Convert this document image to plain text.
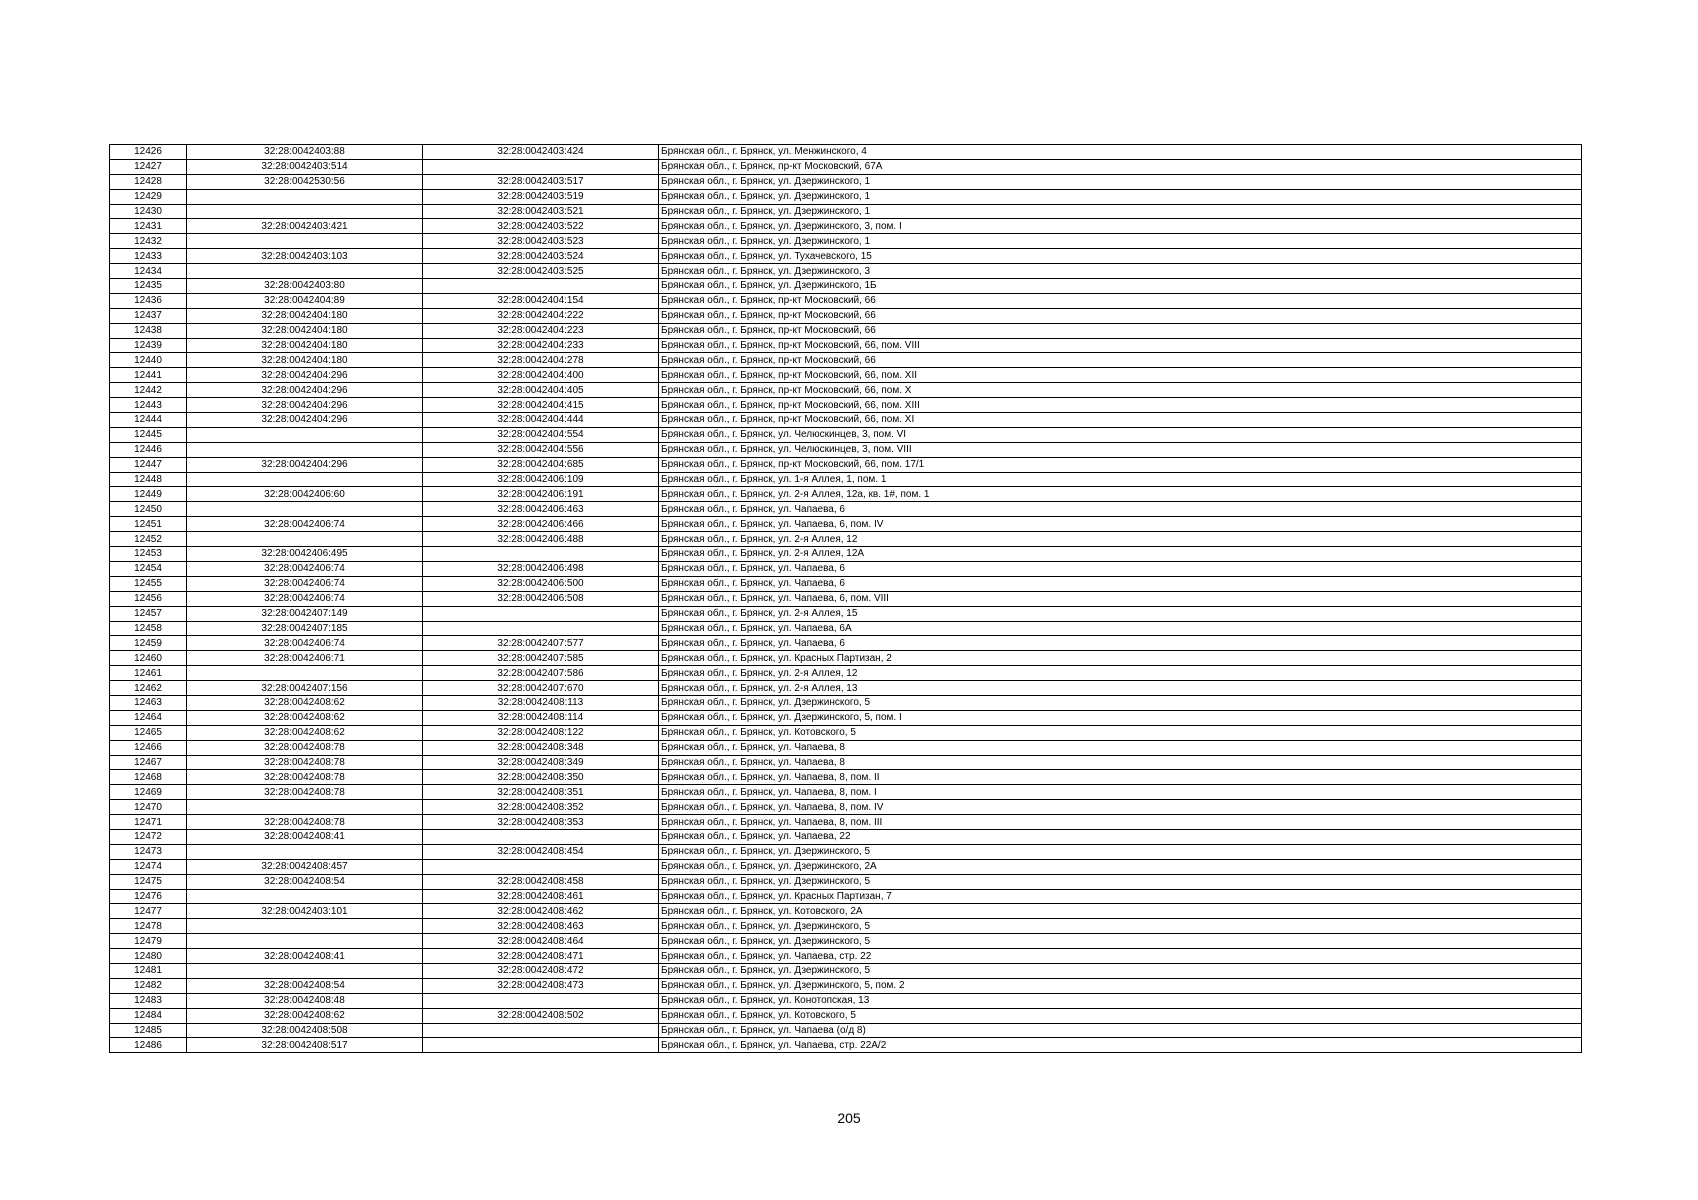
12426	32:28:0042403:88	32:28:0042403:424	Брянская обл., г. Брянск, ул. Менжинского, 4
12427	32:28:0042403:514		Брянская обл., г. Брянск, пр-кт Московский, 67А
12428	32:28:0042530:56	32:28:0042403:517	Брянская обл., г. Брянск, ул. Дзержинского, 1
12429		32:28:0042403:519	Брянская обл., г. Брянск, ул. Дзержинского, 1
12430		32:28:0042403:521	Брянская обл., г. Брянск, ул. Дзержинского, 1
12431	32:28:0042403:421	32:28:0042403:522	Брянская обл., г. Брянск, ул. Дзержинского, 3, пом. I
12432		32:28:0042403:523	Брянская обл., г. Брянск, ул. Дзержинского, 1
12433	32:28:0042403:103	32:28:0042403:524	Брянская обл., г. Брянск, ул. Тухачевского, 15
12434		32:28:0042403:525	Брянская обл., г. Брянск, ул. Дзержинского, 3
12435	32:28:0042403:80		Брянская обл., г. Брянск, ул. Дзержинского, 1Б
12436	32:28:0042404:89	32:28:0042404:154	Брянская обл., г. Брянск, пр-кт Московский, 66
12437	32:28:0042404:180	32:28:0042404:222	Брянская обл., г. Брянск, пр-кт Московский, 66
12438	32:28:0042404:180	32:28:0042404:223	Брянская обл., г. Брянск, пр-кт Московский, 66
12439	32:28:0042404:180	32:28:0042404:233	Брянская обл., г. Брянск, пр-кт Московский, 66, пом. VIII
12440	32:28:0042404:180	32:28:0042404:278	Брянская обл., г. Брянск, пр-кт Московский, 66
12441	32:28:0042404:296	32:28:0042404:400	Брянская обл., г. Брянск, пр-кт Московский, 66, пом. XII
12442	32:28:0042404:296	32:28:0042404:405	Брянская обл., г. Брянск, пр-кт Московский, 66, пом. X
12443	32:28:0042404:296	32:28:0042404:415	Брянская обл., г. Брянск, пр-кт Московский, 66, пом. XIII
12444	32:28:0042404:296	32:28:0042404:444	Брянская обл., г. Брянск, пр-кт Московский, 66, пом. XI
12445		32:28:0042404:554	Брянская обл., г. Брянск, ул. Челюскинцев, 3, пом. VI
12446		32:28:0042404:556	Брянская обл., г. Брянск, ул. Челюскинцев, 3, пом. VIII
12447	32:28:0042404:296	32:28:0042404:685	Брянская обл., г. Брянск, пр-кт Московский, 66, пом. 17/1
12448		32:28:0042406:109	Брянская обл., г. Брянск, ул. 1-я Аллея, 1, пом. 1
12449	32:28:0042406:60	32:28:0042406:191	Брянская обл., г. Брянск, ул. 2-я Аллея, 12а, кв. 1#, пом. 1
12450		32:28:0042406:463	Брянская обл., г. Брянск, ул. Чапаева, 6
12451	32:28:0042406:74	32:28:0042406:466	Брянская обл., г. Брянск, ул. Чапаева, 6, пом. IV
12452		32:28:0042406:488	Брянская обл., г. Брянск, ул. 2-я Аллея, 12
12453	32:28:0042406:495		Брянская обл., г. Брянск, ул. 2-я Аллея, 12А
12454	32:28:0042406:74	32:28:0042406:498	Брянская обл., г. Брянск, ул. Чапаева, 6
12455	32:28:0042406:74	32:28:0042406:500	Брянская обл., г. Брянск, ул. Чапаева, 6
12456	32:28:0042406:74	32:28:0042406:508	Брянская обл., г. Брянск, ул. Чапаева, 6, пом. VIII
12457	32:28:0042407:149		Брянская обл., г. Брянск, ул. 2-я Аллея, 15
12458	32:28:0042407:185		Брянская обл., г. Брянск, ул. Чапаева, 6А
12459	32:28:0042406:74	32:28:0042407:577	Брянская обл., г. Брянск, ул. Чапаева, 6
12460	32:28:0042406:71	32:28:0042407:585	Брянская обл., г. Брянск, ул. Красных Партизан, 2
12461		32:28:0042407:586	Брянская обл., г. Брянск, ул. 2-я Аллея, 12
12462	32:28:0042407:156	32:28:0042407:670	Брянская обл., г. Брянск, ул. 2-я Аллея, 13
12463	32:28:0042408:62	32:28:0042408:113	Брянская обл., г. Брянск, ул. Дзержинского, 5
12464	32:28:0042408:62	32:28:0042408:114	Брянская обл., г. Брянск, ул. Дзержинского, 5, пом. I
12465	32:28:0042408:62	32:28:0042408:122	Брянская обл., г. Брянск, ул. Котовского, 5
12466	32:28:0042408:78	32:28:0042408:348	Брянская обл., г. Брянск, ул. Чапаева, 8
12467	32:28:0042408:78	32:28:0042408:349	Брянская обл., г. Брянск, ул. Чапаева, 8
12468	32:28:0042408:78	32:28:0042408:350	Брянская обл., г. Брянск, ул. Чапаева, 8, пом. II
12469	32:28:0042408:78	32:28:0042408:351	Брянская обл., г. Брянск, ул. Чапаева, 8, пом. I
12470		32:28:0042408:352	Брянская обл., г. Брянск, ул. Чапаева, 8, пом. IV
12471	32:28:0042408:78	32:28:0042408:353	Брянская обл., г. Брянск, ул. Чапаева, 8, пом. III
12472	32:28:0042408:41		Брянская обл., г. Брянск, ул. Чапаева, 22
12473		32:28:0042408:454	Брянская обл., г. Брянск, ул. Дзержинского, 5
12474	32:28:0042408:457		Брянская обл., г. Брянск, ул. Дзержинского, 2А
12475	32:28:0042408:54	32:28:0042408:458	Брянская обл., г. Брянск, ул. Дзержинского, 5
12476		32:28:0042408:461	Брянская обл., г. Брянск, ул. Красных Партизан, 7
12477	32:28:0042403:101	32:28:0042408:462	Брянская обл., г. Брянск, ул. Котовского, 2А
12478		32:28:0042408:463	Брянская обл., г. Брянск, ул. Дзержинского, 5
12479		32:28:0042408:464	Брянская обл., г. Брянск, ул. Дзержинского, 5
12480	32:28:0042408:41	32:28:0042408:471	Брянская обл., г. Брянск, ул. Чапаева, стр. 22
12481		32:28:0042408:472	Брянская обл., г. Брянск, ул. Дзержинского, 5
12482	32:28:0042408:54	32:28:0042408:473	Брянская обл., г. Брянск, ул. Дзержинского, 5, пом. 2
12483	32:28:0042408:48		Брянская обл., г. Брянск, ул. Конотопская, 13
12484	32:28:0042408:62	32:28:0042408:502	Брянская обл., г. Брянск, ул. Котовского, 5
12485	32:28:0042408:508		Брянская обл., г. Брянск, ул. Чапаева (о/д 8)
12486	32:28:0042408:517		Брянская обл., г. Брянск, ул. Чапаева, стр. 22А/2
205
